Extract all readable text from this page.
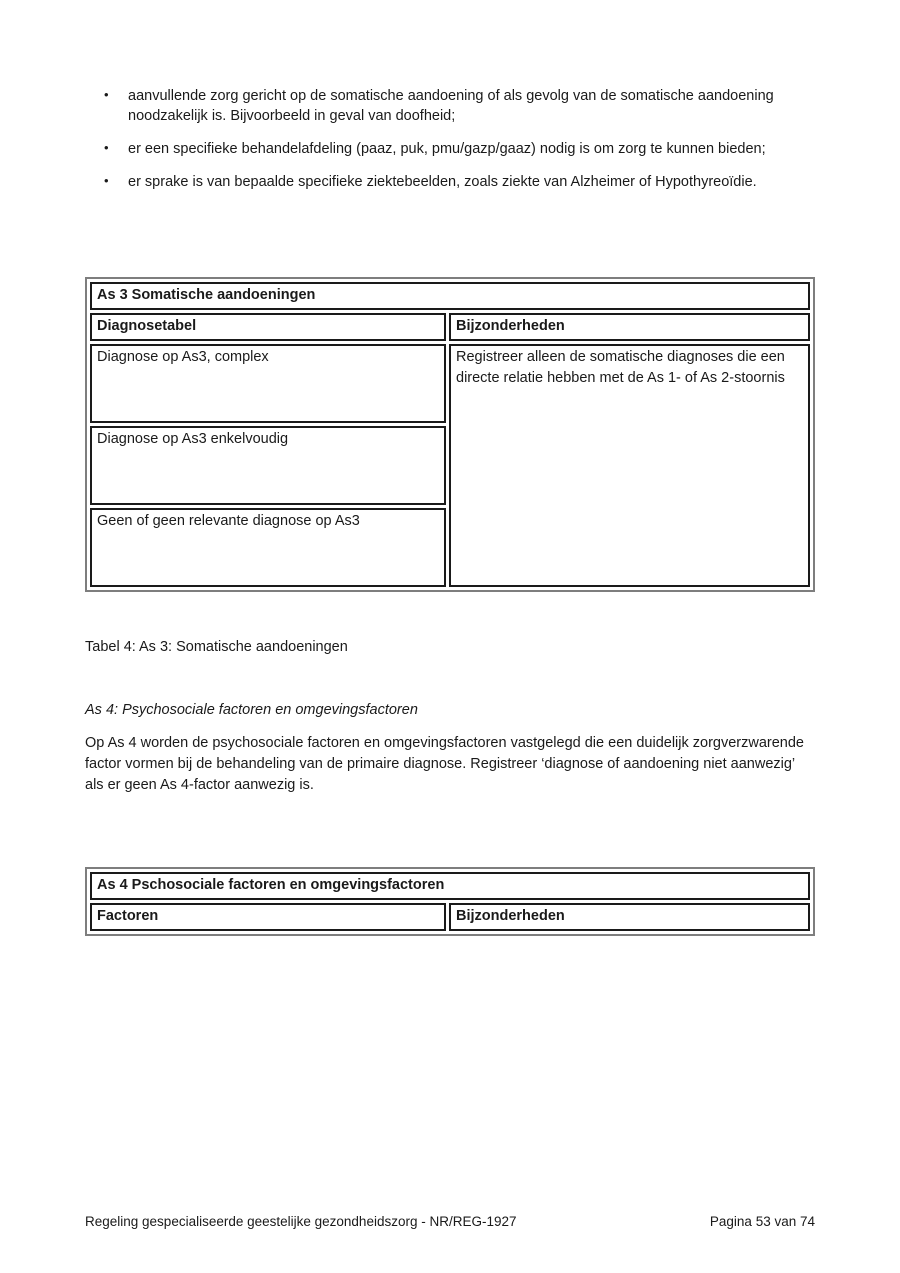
• aanvullende zorg gericht op de somatische aandoening of als gevolg van de somatische aandoening noodzakelijk is. Bijvoorbeeld in geval van doofheid;
• er een specifieke behandelafdeling (paaz, puk, pmu/gazp/gaaz) nodig is om zorg te kunnen bieden;
• er sprake is van bepaalde specifieke ziektebeelden, zoals ziekte van Alzheimer of Hypothyreoïdie.
As 3 Somatische aandoeningen	
Diagnosetabel	Bijzonderheden
Diagnose op As3, complex	Registreer alleen de somatische diagnoses die een directe relatie hebben met de As 1- of As 2-stoornis
Diagnose op As3 enkelvoudig	
Geen of geen relevante diagnose op As3	

Tabel 4: As 3: Somatische aandoeningen

As 4: Psychosociale factoren en omgevingsfactoren

Op As 4 worden de psychosociale factoren en omgevingsfactoren vastgelegd die een duidelijk zorgverzwarende factor vormen bij de behandeling van de primaire diagnose. Registreer ‘diagnose of aandoening niet aanwezig’ als er geen As 4-factor aanwezig is.

As 4 Pschosociale factoren en omgevingsfactoren
Factoren	Bijzonderheden
Regeling gespecialiseerde geestelijke gezondheidszorg - NR/REG-1927	Pagina 53 van 74
